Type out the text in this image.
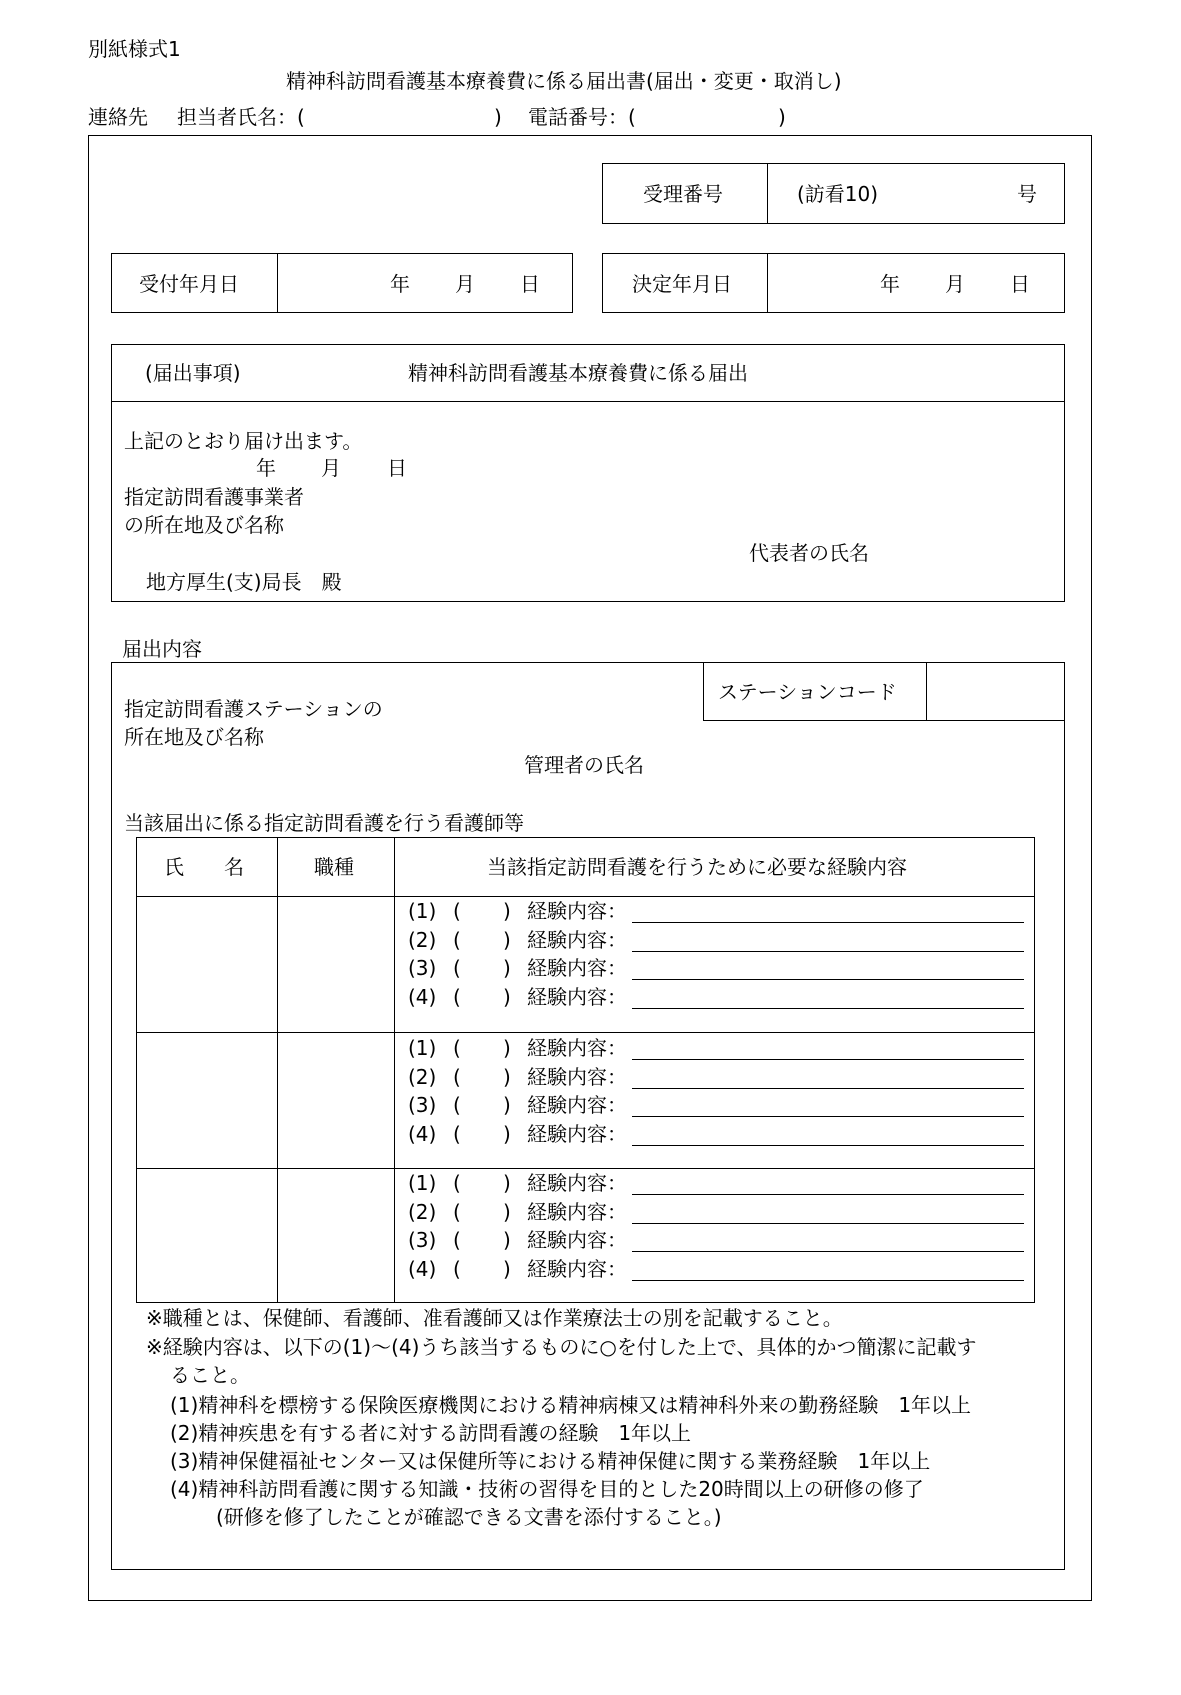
別紙様式1
精神科訪問看護基本療養費に係る届出書(届出・変更・取消し)
連絡先 担当者氏名：(	) 電話番号：(	)
受理番号	(訪看10)	号
受付年月日	年 月 日	決定年月日	年 月 日
(届出事項)	精神科訪問看護基本療養費に係る届出
上記のとおり届け出ます。
年 月 日
指定訪問看護事業者
の所在地及び名称
代表者の氏名
地方厚生(支)局長　殿
届出内容
ステーションコード
指定訪問看護ステーションの
所在地及び名称
管理者の氏名
当該届出に係る指定訪問看護を行う看護師等
氏　　名	職種	当該指定訪問看護を行うために必要な経験内容
(1) ( ) 経験内容：
(2) ( ) 経験内容：
(3) ( ) 経験内容：
(4) ( ) 経験内容：
(1) ( ) 経験内容：
(2) ( ) 経験内容：
(3) ( ) 経験内容：
(4) ( ) 経験内容：
(1) ( ) 経験内容：
(2) ( ) 経験内容：
(3) ( ) 経験内容：
(4) ( ) 経験内容：
※職種とは、保健師、看護師、准看護師又は作業療法士の別を記載すること。
※経験内容は、以下の(1)～(4)うち該当するものに○を付した上で、具体的かつ簡潔に記載す
ること。
(1)精神科を標榜する保険医療機関における精神病棟又は精神科外来の勤務経験　1年以上
(2)精神疾患を有する者に対する訪問看護の経験　1年以上
(3)精神保健福祉センター又は保健所等における精神保健に関する業務経験　1年以上
(4)精神科訪問看護に関する知識・技術の習得を目的とした20時間以上の研修の修了
(研修を修了したことが確認できる文書を添付すること。)
